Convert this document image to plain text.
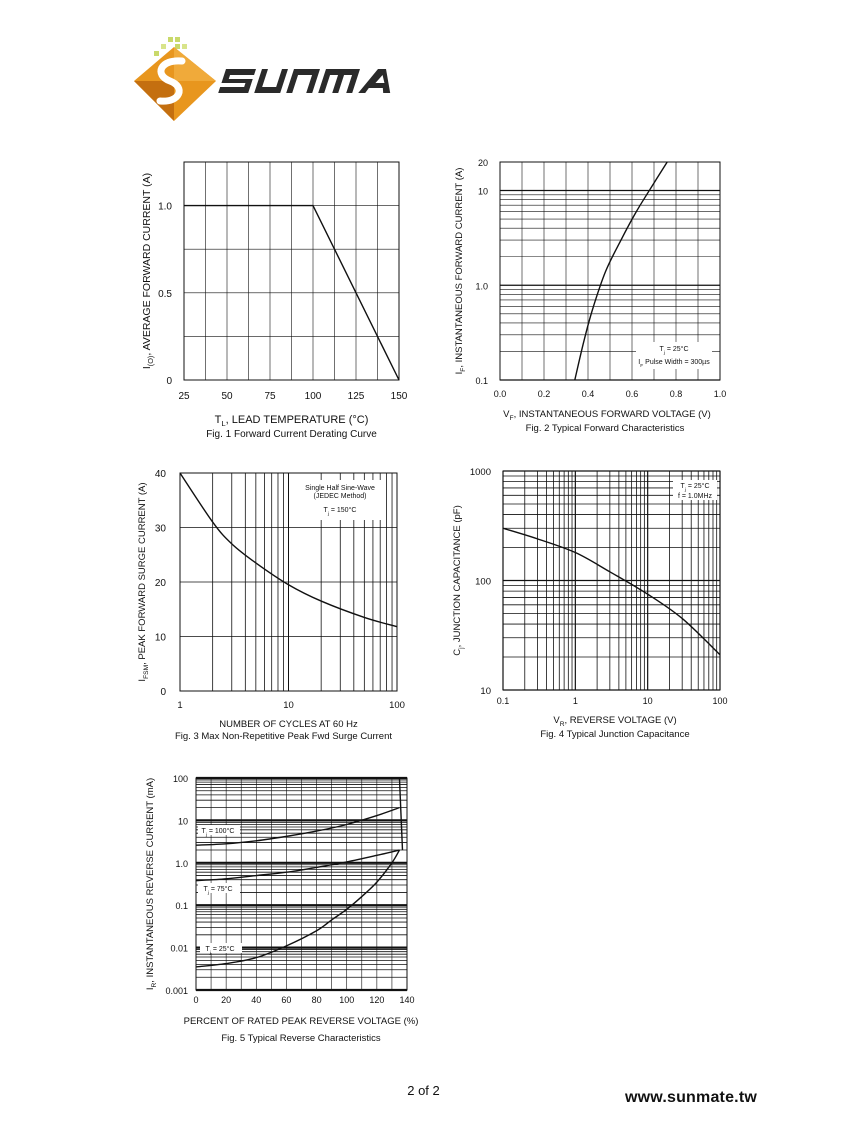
25	50	75	100	125	150
0
0.5
1.0
$T_L$, LEAD TEMPERATURE (°C)
Fig. 1 Forward Current Derating Curve
$I_{(O)}$, AVERAGE FORWARD CURRENT (A)
0.0	0.2	0.4	0.6	0.8	1.0
0.1
1.0
10
20
$T_j = 25^\circ C$
$I_F$ Pulse Width = 300µs
$V_F$, INSTANTANEOUS FORWARD VOLTAGE (V)
Fig. 2 Typical Forward Characteristics
$I_F$, INSTANTANEOUS FORWARD CURRENT (A)
1	10	100
0
10
20
30
40
Single Half Sine-Wave
(JEDEC Method)
$T_j = 150^\circ C$
NUMBER OF CYCLES AT 60 Hz
Fig. 3 Max Non-Repetitive Peak Fwd Surge Current
$I_{FSM}$, PEAK FORWARD SURGE CURRENT (A)
0.1	1	10	100
10
100
1000
$T_j = 25^\circ C$
f = 1.0MHz
$V_R$, REVERSE VOLTAGE (V)
Fig. 4 Typical Junction Capacitance
$C_j$, JUNCTION CAPACITANCE (pF)
0	20 40 60 80 100 120 140
0.001
0.01
0.1
1.0
10
100
$T_j = 100^\circ C$
$T_j = 75^\circ C$
$T_j = 25^\circ C$
PERCENT OF RATED PEAK REVERSE VOLTAGE (%)
Fig. 5 Typical Reverse Characteristics
$I_R$, INSTANTANEOUS REVERSE CURRENT (mA)
2 of 2	www.sunmate.tw
